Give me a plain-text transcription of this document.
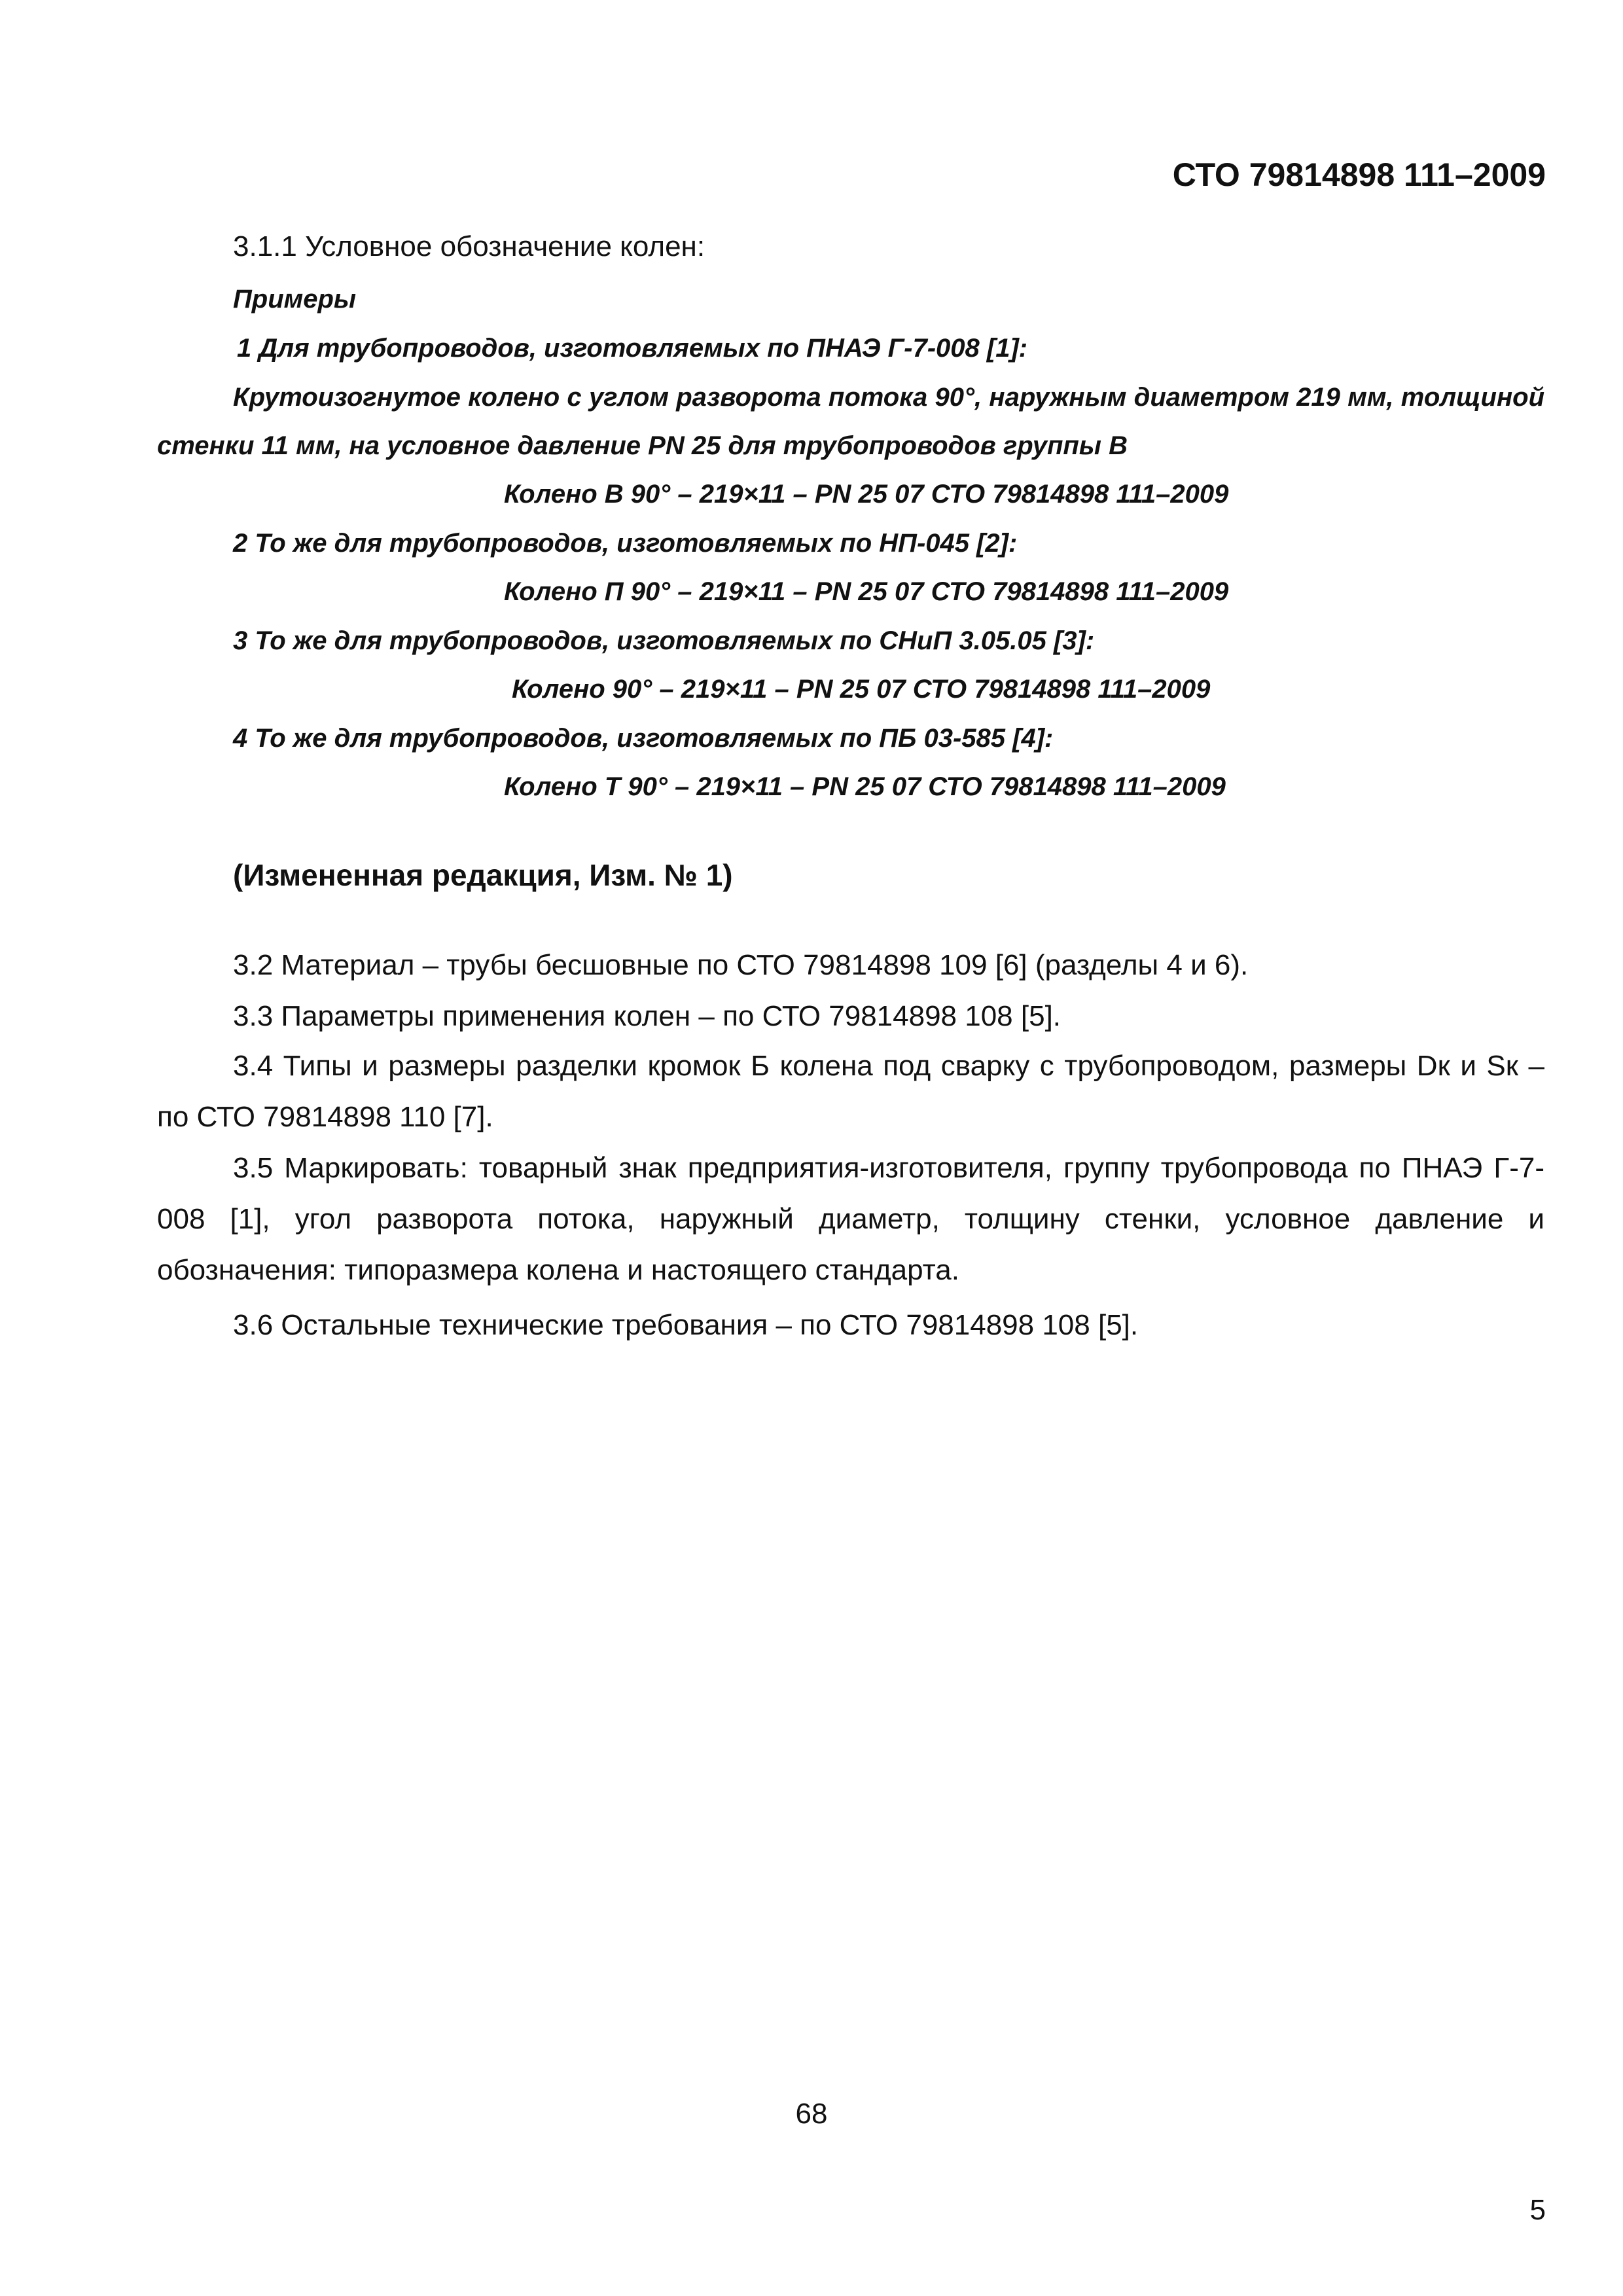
СТО 79814898 111–2009
3.1.1 Условное обозначение колен:
Примеры
1 Для трубопроводов, изготовляемых по ПНАЭ Г-7-008 [1]:
Крутоизогнутое колено с углом разворота потока 90°, наружным диаметром 219 мм, толщиной стенки 11 мм, на условное давление PN 25 для трубопроводов группы В
Колено В 90° – 219×11 – PN 25 07 СТО 79814898 111–2009
2 То же для трубопроводов, изготовляемых по НП-045 [2]:
Колено П 90° – 219×11 – PN 25 07 СТО 79814898 111–2009
3 То же для трубопроводов, изготовляемых по СНиП 3.05.05 [3]:
Колено 90° – 219×11 – PN 25 07 СТО 79814898 111–2009
4 То же для трубопроводов, изготовляемых по ПБ 03-585 [4]:
Колено Т 90° – 219×11 – PN 25 07 СТО 79814898 111–2009
(Измененная редакция, Изм. № 1)
3.2 Материал – трубы бесшовные по СТО 79814898 109 [6] (разделы 4 и 6).
3.3 Параметры применения колен – по СТО 79814898 108 [5].
3.4 Типы и размеры разделки кромок Б колена под сварку с трубопроводом, размеры Dк и Sк – по СТО 79814898 110 [7].
3.5 Маркировать: товарный знак предприятия-изготовителя, группу трубопровода по ПНАЭ Г-7-008 [1], угол разворота потока, наружный диаметр, толщину стенки, условное давление и обозначения: типоразмера колена и настоящего стандарта.
3.6 Остальные технические требования – по СТО 79814898 108 [5].
68
5
